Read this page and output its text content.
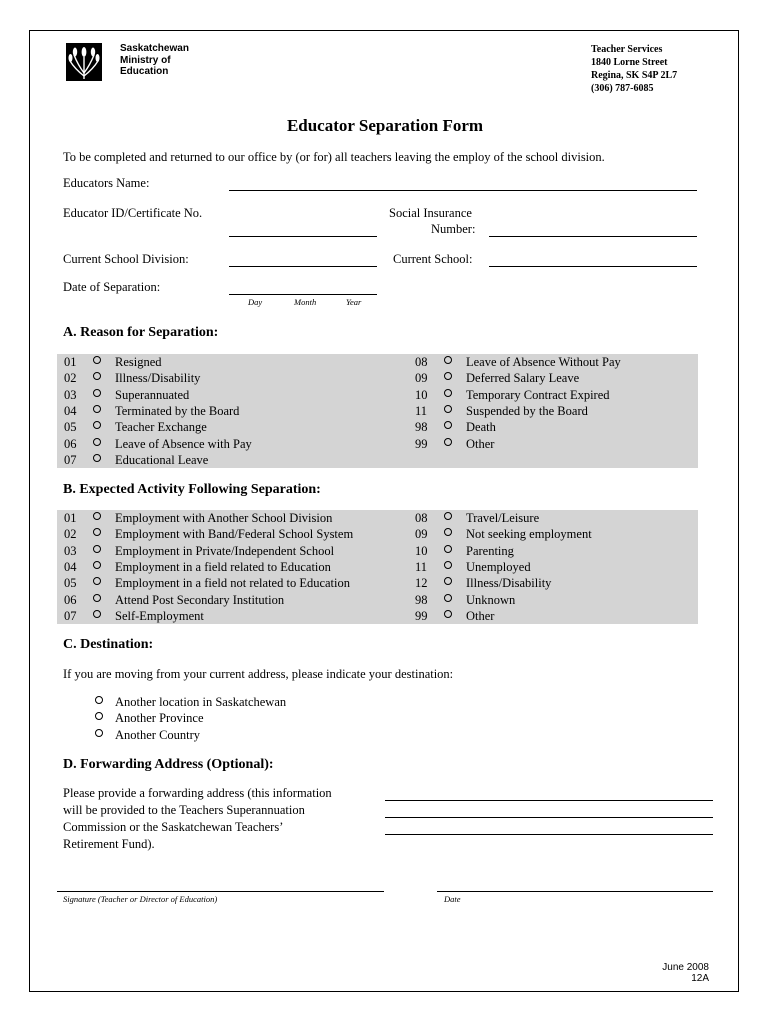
Saskatchewan
Ministry of
Education
Teacher Services
1840 Lorne Street
Regina, SK S4P 2L7
(306) 787-6085
Educator Separation Form
To be completed and returned to our office by (or for) all teachers leaving the employ of the school division.
Educators Name:
Educator ID/Certificate No.	Social Insurance
Number:
Current School Division:	Current School:
Date of Separation:
Day	Month	Year
A. Reason for Separation:
01	Resigned
02	Illness/Disability
03	Superannuated
04	Terminated by the Board
05	Teacher Exchange
06	Leave of Absence with Pay
07	Educational Leave
08	Leave of Absence Without Pay
09	Deferred Salary Leave
10	Temporary Contract Expired
11	Suspended by the Board
98	Death
99	Other
B. Expected Activity Following Separation:
01	Employment with Another School Division
02	Employment with Band/Federal School System
03	Employment in Private/Independent School
04	Employment in a field related to Education
05	Employment in a field not related to Education
06	Attend Post Secondary Institution
07	Self-Employment
08	Travel/Leisure
09	Not seeking employment
10	Parenting
11	Unemployed
12	Illness/Disability
98	Unknown
99	Other
C. Destination:
If you are moving from your current address, please indicate your destination:
Another location in Saskatchewan
Another Province
Another Country
D. Forwarding Address (Optional):
Please provide a forwarding address (this information
will be provided to the Teachers Superannuation
Commission or the Saskatchewan Teachers’
Retirement Fund).
Signature (Teacher or Director of Education)	Date
June 2008
12A
